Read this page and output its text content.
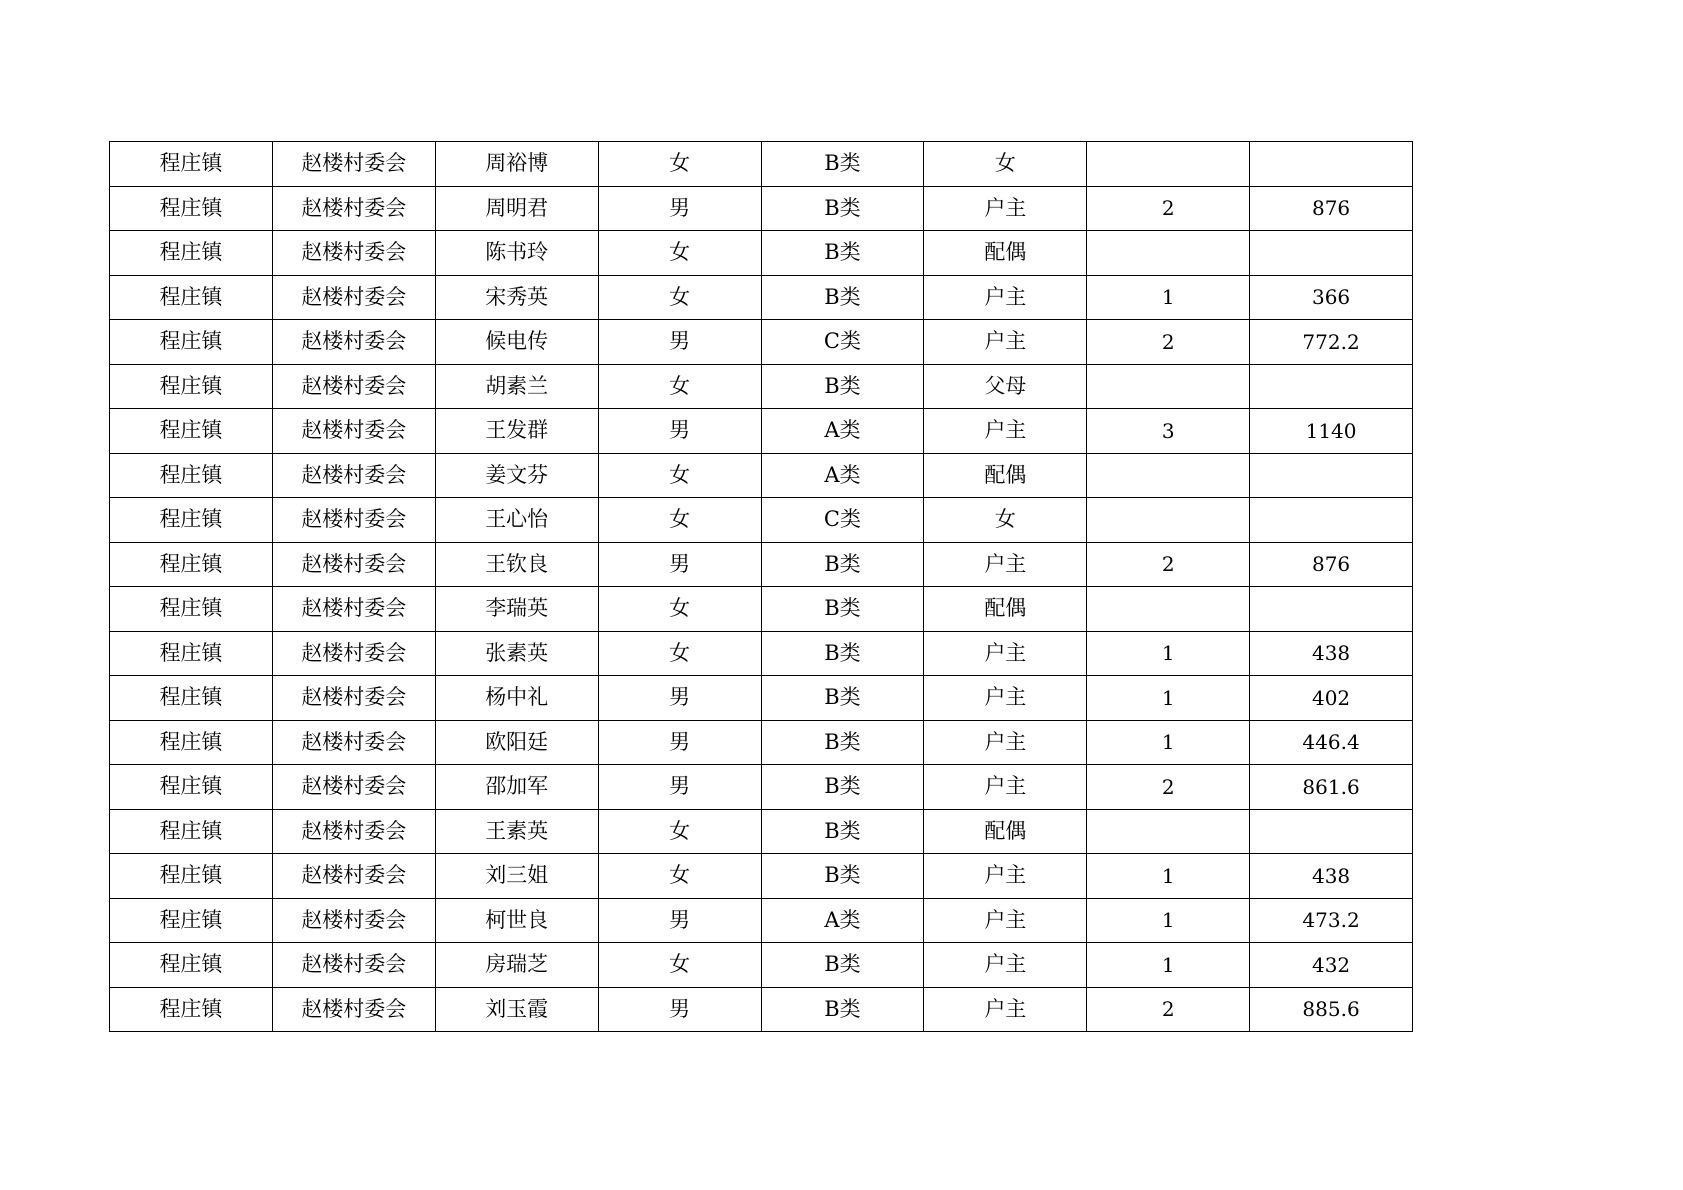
程庄镇	赵楼村委会	周裕博	女	B类	女		
程庄镇	赵楼村委会	周明君	男	B类	户主	2	876
程庄镇	赵楼村委会	陈书玲	女	B类	配偶		
程庄镇	赵楼村委会	宋秀英	女	B类	户主	1	366
程庄镇	赵楼村委会	候电传	男	C类	户主	2	772.2
程庄镇	赵楼村委会	胡素兰	女	B类	父母		
程庄镇	赵楼村委会	王发群	男	A类	户主	3	1140
程庄镇	赵楼村委会	姜文芬	女	A类	配偶		
程庄镇	赵楼村委会	王心怡	女	C类	女		
程庄镇	赵楼村委会	王钦良	男	B类	户主	2	876
程庄镇	赵楼村委会	李瑞英	女	B类	配偶		
程庄镇	赵楼村委会	张素英	女	B类	户主	1	438
程庄镇	赵楼村委会	杨中礼	男	B类	户主	1	402
程庄镇	赵楼村委会	欧阳廷	男	B类	户主	1	446.4
程庄镇	赵楼村委会	邵加军	男	B类	户主	2	861.6
程庄镇	赵楼村委会	王素英	女	B类	配偶		
程庄镇	赵楼村委会	刘三姐	女	B类	户主	1	438
程庄镇	赵楼村委会	柯世良	男	A类	户主	1	473.2
程庄镇	赵楼村委会	房瑞芝	女	B类	户主	1	432
程庄镇	赵楼村委会	刘玉霞	男	B类	户主	2	885.6
